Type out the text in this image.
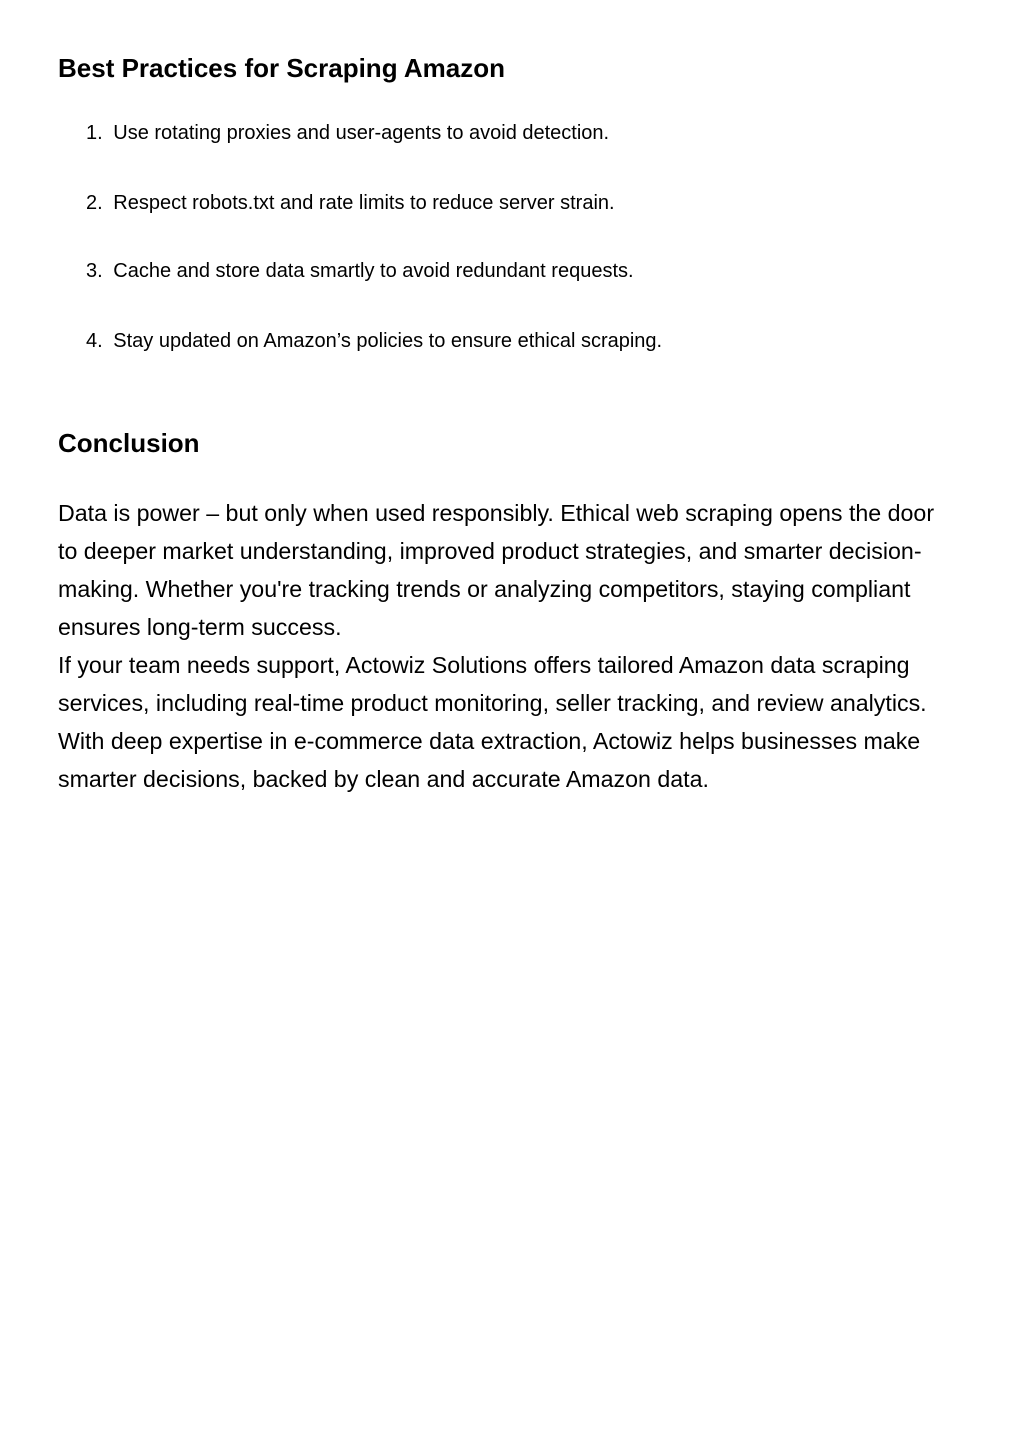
Best Practices for Scraping Amazon
1. Use rotating proxies and user-agents to avoid detection.
2. Respect robots.txt and rate limits to reduce server strain.
3. Cache and store data smartly to avoid redundant requests.
4. Stay updated on Amazon’s policies to ensure ethical scraping.
Conclusion

Data is power – but only when used responsibly. Ethical web scraping opens the door
to deeper market understanding, improved product strategies, and smarter decision-
making. Whether you're tracking trends or analyzing competitors, staying compliant
ensures long-term success.

If your team needs support, Actowiz Solutions offers tailored Amazon data scraping
services, including real-time product monitoring, seller tracking, and review analytics.
With deep expertise in e-commerce data extraction, Actowiz helps businesses make
smarter decisions, backed by clean and accurate Amazon data.
